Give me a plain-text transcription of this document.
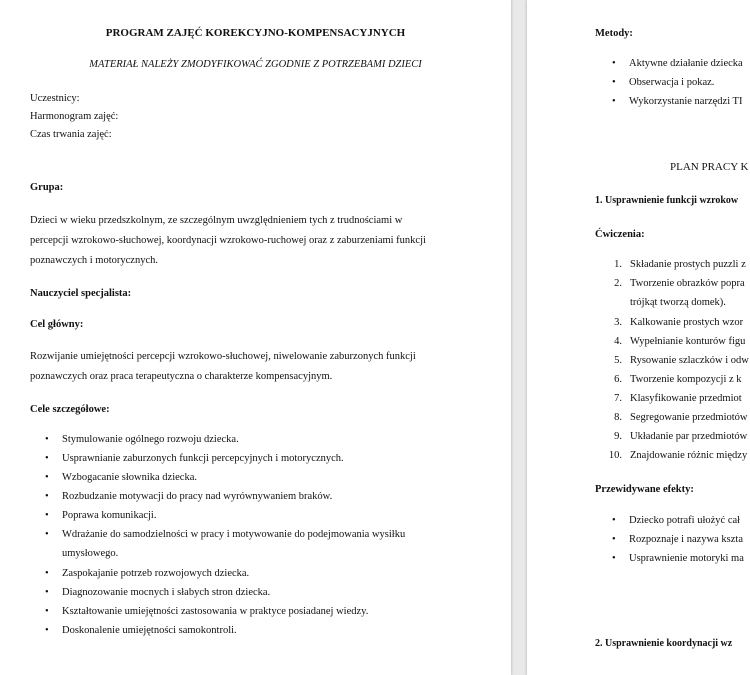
PROGRAM ZAJĘĆ KOREKCYJNO-KOMPENSACYJNYCH
MATERIAŁ NALEŻY ZMODYFIKOWAĆ ZGODNIE Z POTRZEBAMI DZIECI
Uczestnicy:
Harmonogram zajęć:
Czas trwania zajęć:
Grupa:
Dzieci w wieku przedszkolnym, ze szczególnym uwzględnieniem tych z trudnościami w
percepcji wzrokowo-słuchowej, koordynacji wzrokowo-ruchowej oraz z zaburzeniami funkcji
poznawczych i motorycznych.
Nauczyciel specjalista:
Cel główny:
Rozwijanie umiejętności percepcji wzrokowo-słuchowej, niwelowanie zaburzonych funkcji
poznawczych oraz praca terapeutyczna o charakterze kompensacyjnym.
Cele szczegółowe:
• Stymulowanie ogólnego rozwoju dziecka.
• Usprawnianie zaburzonych funkcji percepcyjnych i motorycznych.
• Wzbogacanie słownika dziecka.
• Rozbudzanie motywacji do pracy nad wyrównywaniem braków.
• Poprawa komunikacji.
• Wdrażanie do samodzielności w pracy i motywowanie do podejmowania wysiłku
umysłowego.
• Zaspokajanie potrzeb rozwojowych dziecka.
• Diagnozowanie mocnych i słabych stron dziecka.
• Kształtowanie umiejętności zastosowania w praktyce posiadanej wiedzy.
• Doskonalenie umiejętności samokontroli.
Metody:
• Aktywne działanie dziecka
• Obserwacja i pokaz.
• Wykorzystanie narzędzi TI
PLAN PRACY K
1. Usprawnienie funkcji wzrokow
Ćwiczenia:
1. Składanie prostych puzzli z
2. Tworzenie obrazków popra
trójkąt tworzą domek).
3. Kalkowanie prostych wzor
4. Wypełnianie konturów figu
5. Rysowanie szlaczków i odw
6. Tworzenie kompozycji z k
7. Klasyfikowanie przedmiot
8. Segregowanie przedmiotów
9. Układanie par przedmiotów
10. Znajdowanie różnic międzу
Przewidywane efekty:
• Dziecko potrafi ułożyć cał
• Rozpoznaje i nazywa kszta
• Usprawnienie motoryki ma
2. Usprawnienie koordynacji wz
